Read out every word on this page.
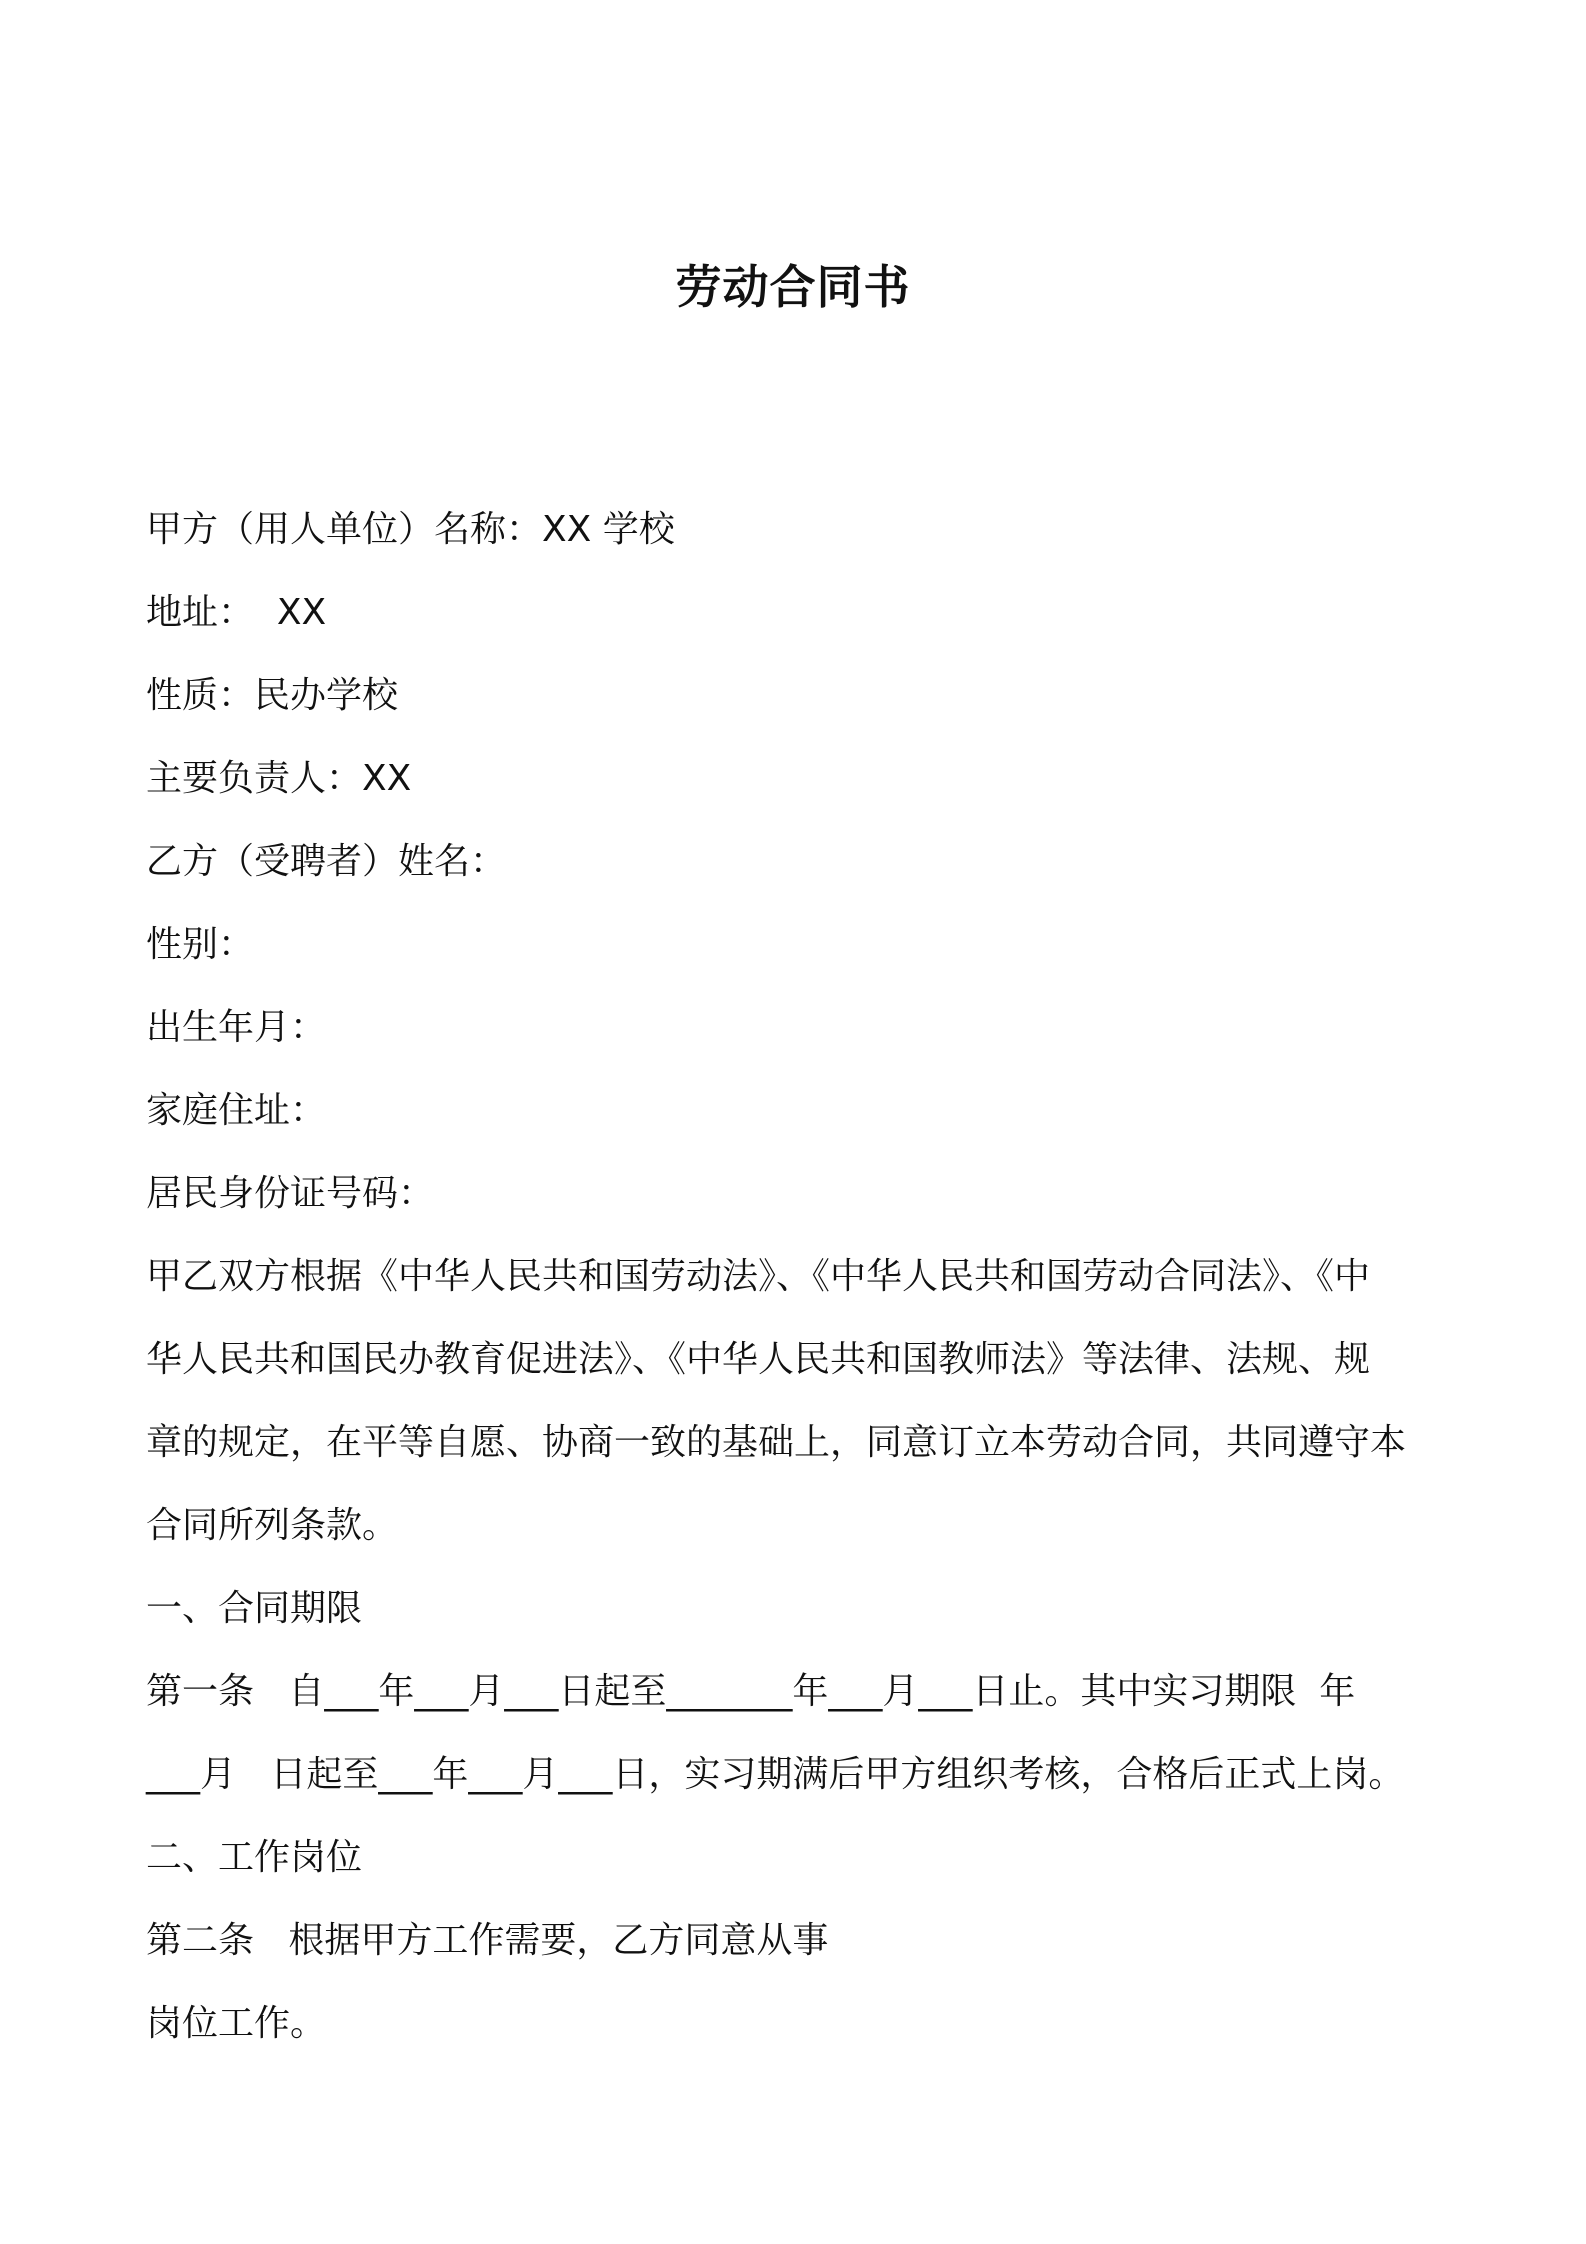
劳动合同书

甲方（用人单位）名称：XX 学校

地址：  XX

性质：民办学校

主要负责人：XX

乙方（受聘者）姓名：

性别：

出生年月：

家庭住址：

居民身份证号码：

甲乙双方根据《中华人民共和国劳动法》、《中华人民共和国劳动合同法》、《中

华人民共和国民办教育促进法》、《中华人民共和国教师法》等法律、法规、规

章的规定，在平等自愿、协商一致的基础上，同意订立本劳动合同，共同遵守本

合同所列条款。

一、合同期限

第一条   自___年___月___日起至_______年___月___日止。其中实习期限  年

___月   日起至___年___月___日，实习期满后甲方组织考核，合格后正式上岗。

二、工作岗位

第二条   根据甲方工作需要，乙方同意从事

岗位工作。
